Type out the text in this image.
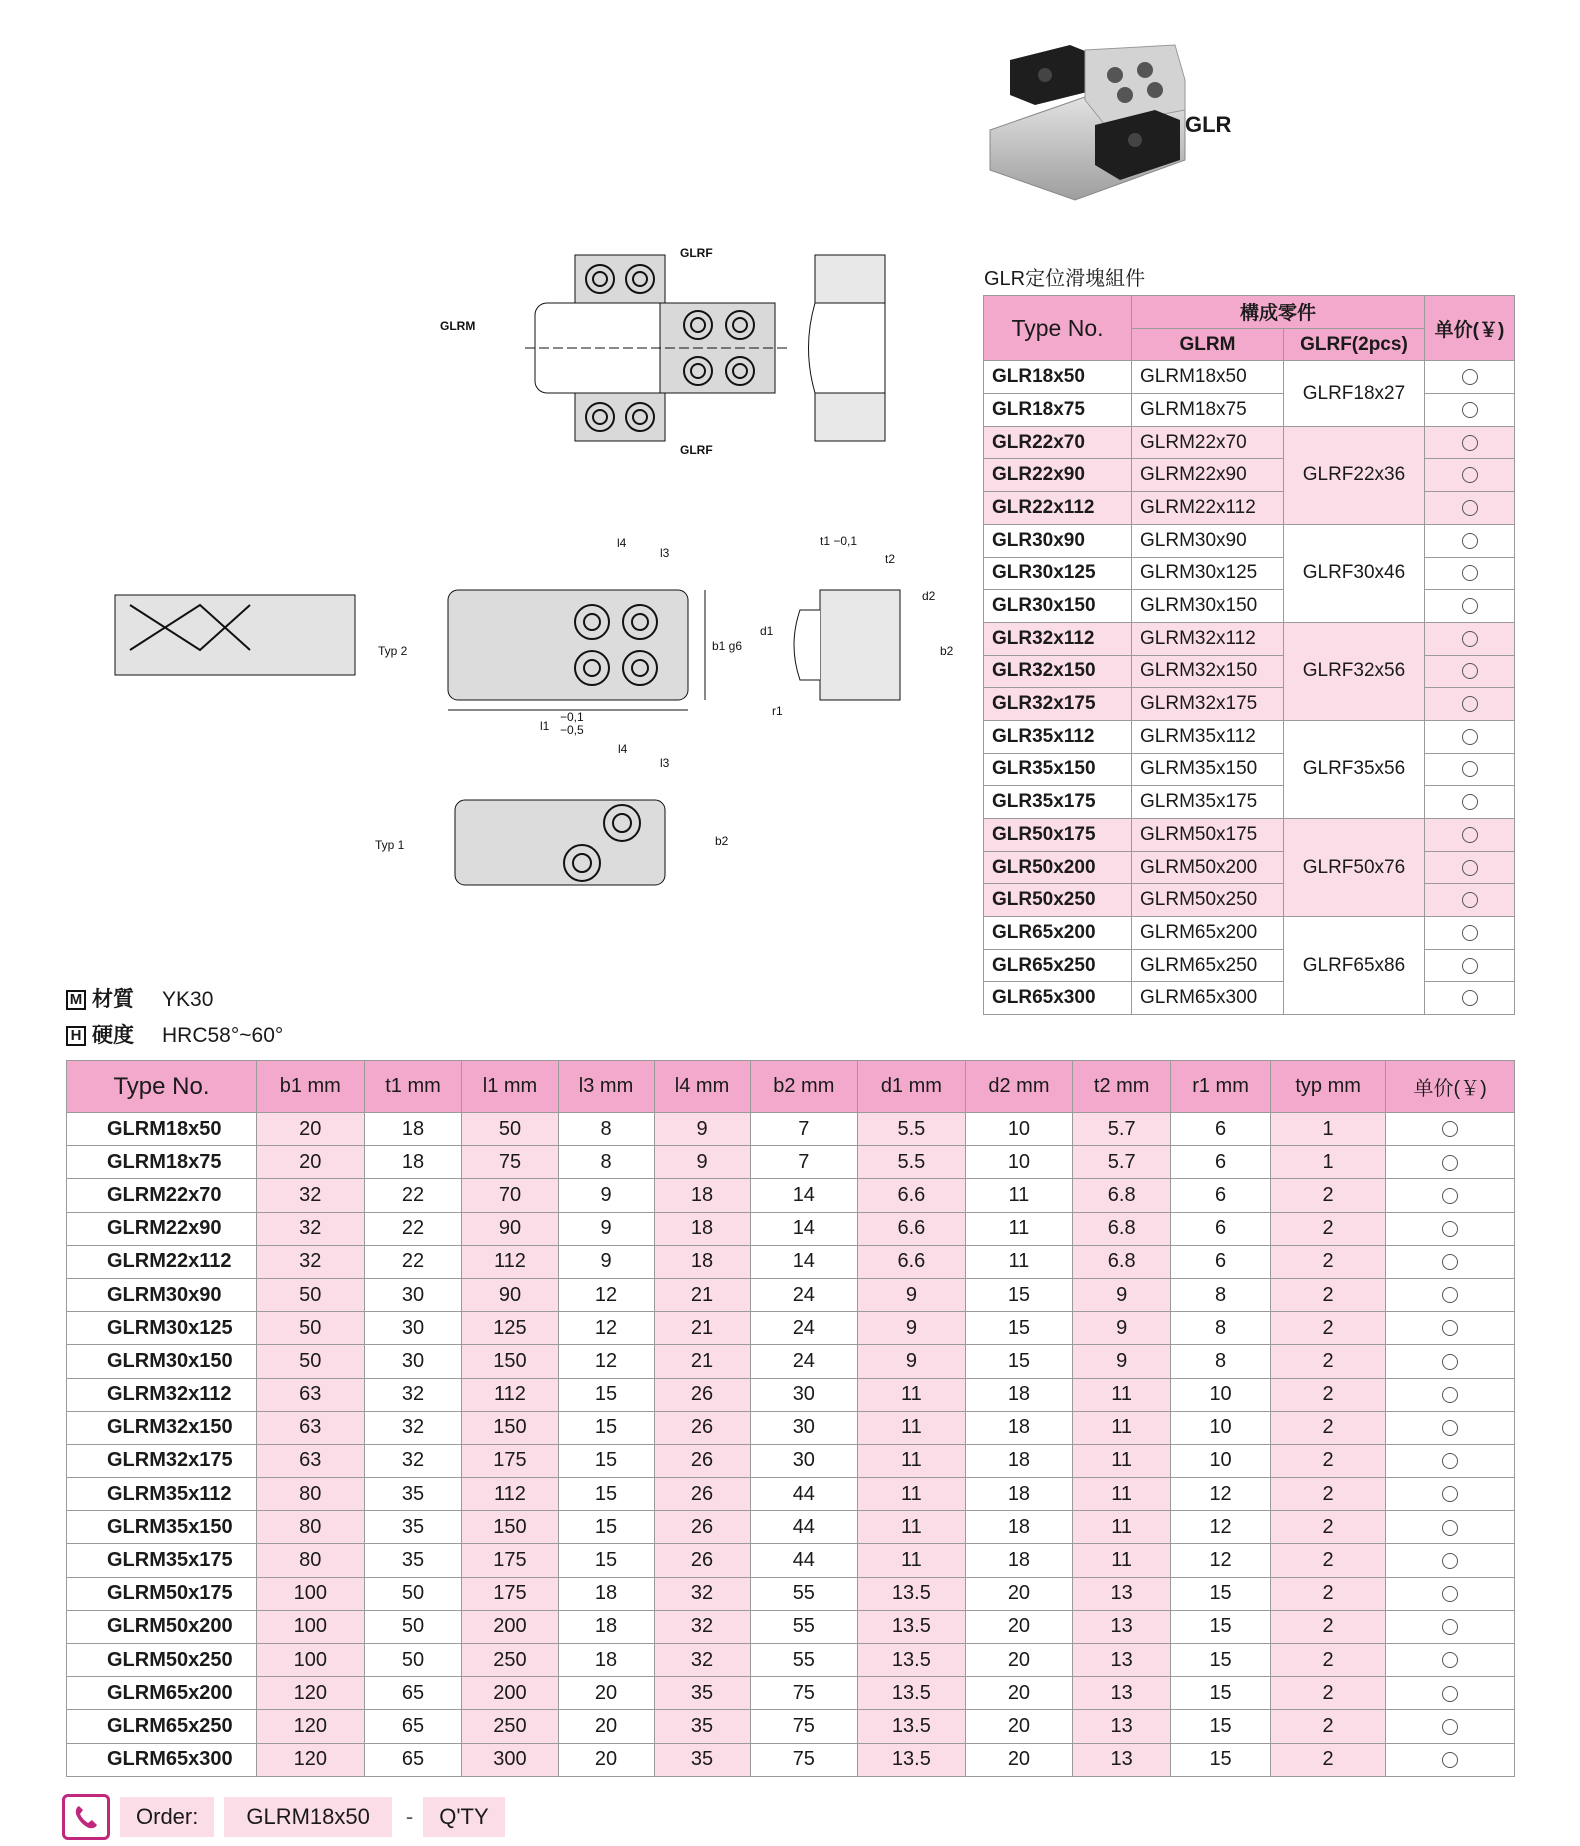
GLR
GLRF
GLRM
GLRF
Typ 2
l1
−0,1
−0,5
l4
l3
b1 g6
t1 −0,1
t2
d1
d2
b2
r1
Typ 1
l4
l3
b2
GLR定位滑塊組件
Type No.	構成零件		单价(￥)
	GLRM	GLRF(2pcs)	
GLR18x50	GLRM18x50	GLRF18x27	
GLR18x75	GLRM18x75		
GLR22x70	GLRM22x70	GLRF22x36	
GLR22x90	GLRM22x90		
GLR22x112	GLRM22x112		
GLR30x90	GLRM30x90	GLRF30x46	
GLR30x125	GLRM30x125		
GLR30x150	GLRM30x150		
GLR32x112	GLRM32x112	GLRF32x56	
GLR32x150	GLRM32x150		
GLR32x175	GLRM32x175		
GLR35x112	GLRM35x112	GLRF35x56	
GLR35x150	GLRM35x150		
GLR35x175	GLRM35x175		
GLR50x175	GLRM50x175	GLRF50x76	
GLR50x200	GLRM50x200		
GLR50x250	GLRM50x250		
GLR65x200	GLRM65x200	GLRF65x86	
GLR65x250	GLRM65x250		
GLR65x300	GLRM65x300		
M 材質 YK30
H 硬度 HRC58°~60°
Type No.	b1 mm	t1 mm	l1 mm	l3 mm	l4 mm	b2 mm	d1 mm	d2 mm	t2 mm	r1 mm	typ mm	单价(￥)
GLRM18x50	20	18	50	8	9	7	5.5	10	5.7	6	1	
GLRM18x75	20	18	75	8	9	7	5.5	10	5.7	6	1	
GLRM22x70	32	22	70	9	18	14	6.6	11	6.8	6	2	
GLRM22x90	32	22	90	9	18	14	6.6	11	6.8	6	2	
GLRM22x112	32	22	112	9	18	14	6.6	11	6.8	6	2	
GLRM30x90	50	30	90	12	21	24	9	15	9	8	2	
GLRM30x125	50	30	125	12	21	24	9	15	9	8	2	
GLRM30x150	50	30	150	12	21	24	9	15	9	8	2	
GLRM32x112	63	32	112	15	26	30	11	18	11	10	2	
GLRM32x150	63	32	150	15	26	30	11	18	11	10	2	
GLRM32x175	63	32	175	15	26	30	11	18	11	10	2	
GLRM35x112	80	35	112	15	26	44	11	18	11	12	2	
GLRM35x150	80	35	150	15	26	44	11	18	11	12	2	
GLRM35x175	80	35	175	15	26	44	11	18	11	12	2	
GLRM50x175	100	50	175	18	32	55	13.5	20	13	15	2	
GLRM50x200	100	50	200	18	32	55	13.5	20	13	15	2	
GLRM50x250	100	50	250	18	32	55	13.5	20	13	15	2	
GLRM65x200	120	65	200	20	35	75	13.5	20	13	15	2	
GLRM65x250	120	65	250	20	35	75	13.5	20	13	15	2	
GLRM65x300	120	65	300	20	35	75	13.5	20	13	15	2	
Order:	GLRM18x50	-	Q'TY
